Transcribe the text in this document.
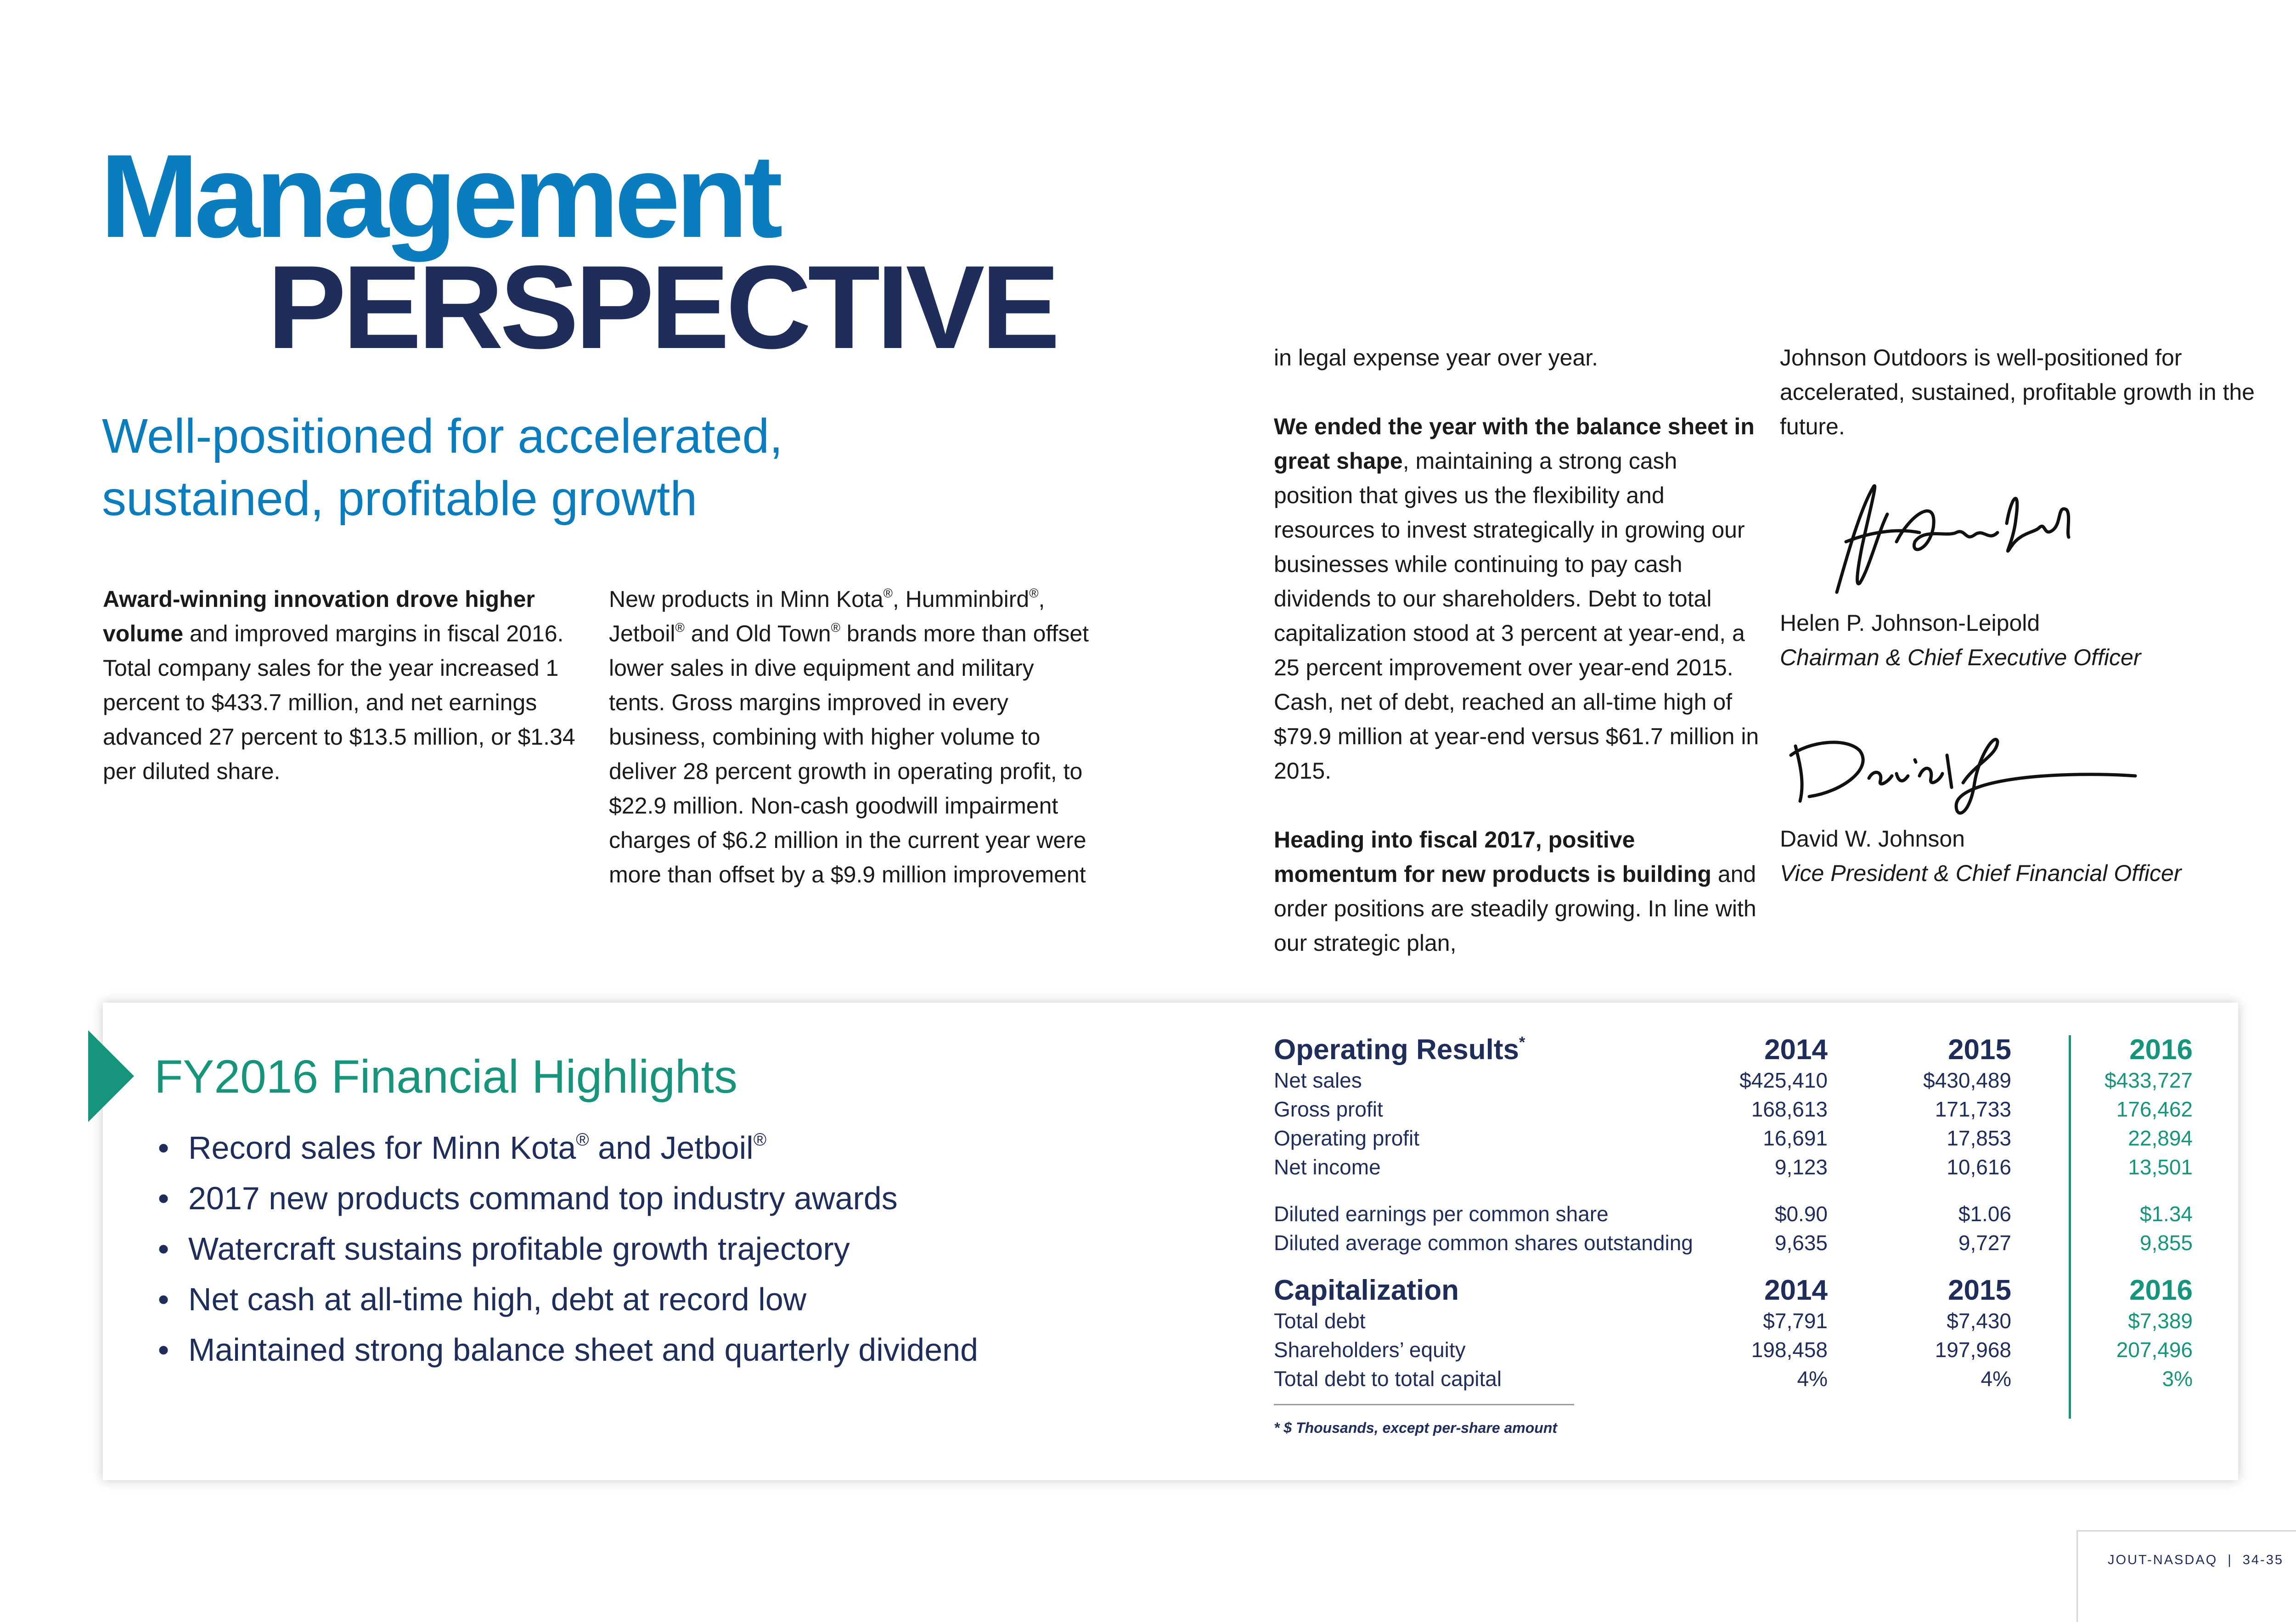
Management
PERSPECTIVE
Well-positioned for accelerated,
sustained, profitable growth

Award-winning innovation drove higher volume and improved margins in fiscal 2016. Total company sales for the year increased 1 percent to $433.7 million, and net earnings advanced 27 percent to $13.5 million, or $1.34 per diluted share.

New products in Minn Kota®, Humminbird®, Jetboil® and Old Town® brands more than offset lower sales in dive equipment and military tents. Gross margins improved in every business, combining with higher volume to deliver 28 percent growth in operating profit, to $22.9 million. Non-cash goodwill impairment charges of $6.2 million in the current year were more than offset by a $9.9 million improvement

in legal expense year over year.

We ended the year with the balance sheet in great shape, maintaining a strong cash position that gives us the flexibility and resources to invest strategically in growing our businesses while continuing to pay cash dividends to our shareholders. Debt to total capitalization stood at 3 percent at year-end, a 25 percent improvement over year-end 2015. Cash, net of debt, reached an all-time high of $79.9 million at year-end versus $61.7 million in 2015.

Heading into fiscal 2017, positive momentum for new products is building and order positions are steadily growing. In line with our strategic plan,

Johnson Outdoors is well-positioned for accelerated, sustained, profitable growth in the future.

Helen P. Johnson-Leipold
Chairman & Chief Executive Officer
David W. Johnson
Vice President & Chief Financial Officer
FY2016 Financial Highlights
• Record sales for Minn Kota® and Jetboil®
• 2017 new products command top industry awards
• Watercraft sustains profitable growth trajectory
• Net cash at all-time high, debt at record low
• Maintained strong balance sheet and quarterly dividend
Operating Results*	2014	2015	2016
Net sales	$425,410	$430,489	$433,727
Gross profit	168,613	171,733	176,462
Operating profit	16,691	17,853	22,894
Net income	9,123	10,616	13,501
Diluted earnings per common share	$0.90	$1.06	$1.34
Diluted average common shares outstanding	9,635	9,727	9,855
Capitalization	2014	2015	2016
Total debt	$7,791	$7,430	$7,389
Shareholders’ equity	198,458	197,968	207,496
Total debt to total capital	4%	4%	3%
* $ Thousands, except per-share amount
JOUT-NASDAQ | 34-35
